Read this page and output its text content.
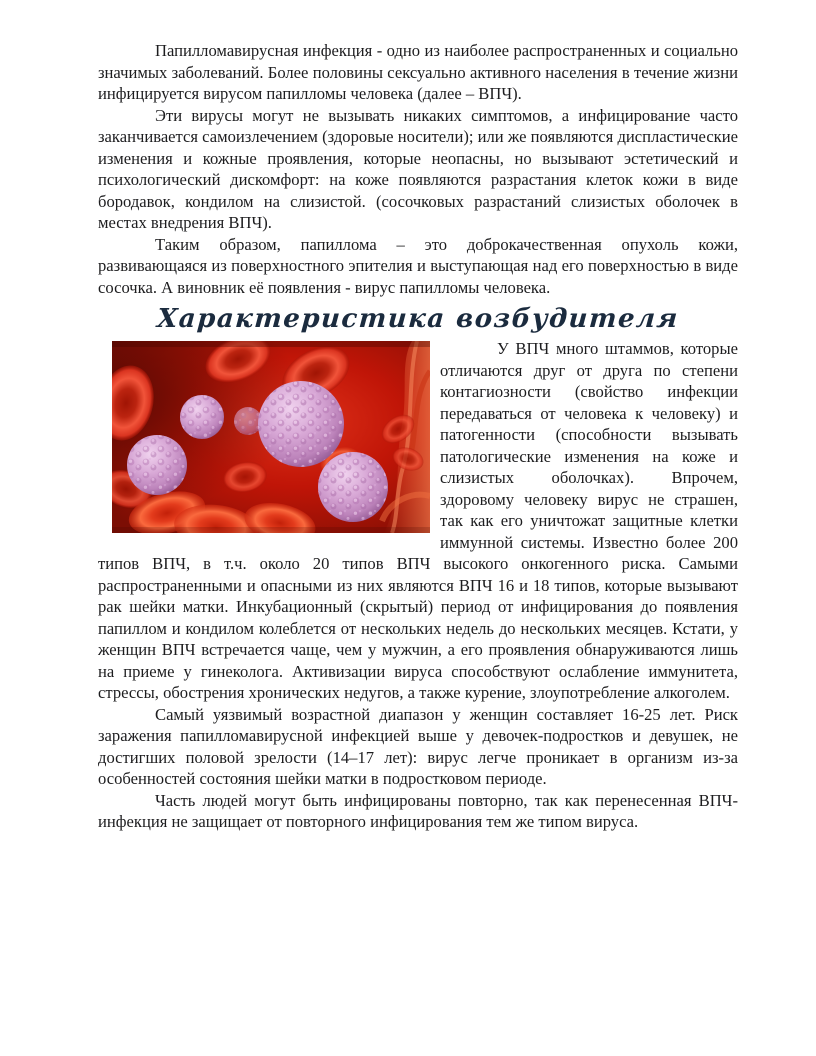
Папилломавирусная инфекция - одно из наиболее распространенных и социально значимых заболеваний. Более половины сексуально активного населения в течение жизни инфицируется вирусом папилломы человека (далее – ВПЧ).

Эти вирусы могут не вызывать никаких симптомов, а инфицирование часто заканчивается самоизлечением (здоровые носители); или же появляются диспластические изменения и кожные проявления, которые неопасны, но вызывают эстетический и психологический дискомфорт: на коже появляются разрастания клеток кожи в виде бородавок, кондилом на слизистой. (сосочковых разрастаний слизистых оболочек в местах внедрения ВПЧ).

Таким образом, папиллома – это доброкачественная опухоль кожи, развивающаяся из поверхностного эпителия и выступающая над его поверхностью в виде сосочка. А виновник её появления - вирус папилломы человека.

Характеристика возбудителя

У ВПЧ много штаммов, которые отличаются друг от друга по степени контагиозности (свойство инфекции передаваться от человека к человеку) и патогенности (способности вызывать патологические изменения на коже и слизистых оболочках). Впрочем, здоровому человеку вирус не страшен, так как его уничтожат защитные клетки иммунной системы. Известно более 200 типов ВПЧ, в т.ч. около 20 типов ВПЧ высокого онкогенного риска. Самыми распространенными и опасными из них являются ВПЧ 16 и 18 типов, которые вызывают рак шейки матки. Инкубационный (скрытый) период от инфицирования до появления папиллом и кондилом колеблется от нескольких недель до нескольких месяцев. Кстати, у женщин ВПЧ встречается чаще, чем у мужчин, а его проявления обнаруживаются лишь на приеме у гинеколога. Активизации вируса способствуют ослабление иммунитета, стрессы, обострения хронических недугов, а также курение, злоупотребление алкоголем.

Самый уязвимый возрастной диапазон у женщин составляет 16-25 лет. Риск заражения папилломавирусной инфекцией выше у девочек-подростков и девушек, не достигших половой зрелости (14–17 лет): вирус легче проникает в организм из-за особенностей состояния шейки матки в подростковом периоде.

Часть людей могут быть инфицированы повторно, так как перенесенная ВПЧ-инфекция не защищает от повторного инфицирования тем же типом вируса.
